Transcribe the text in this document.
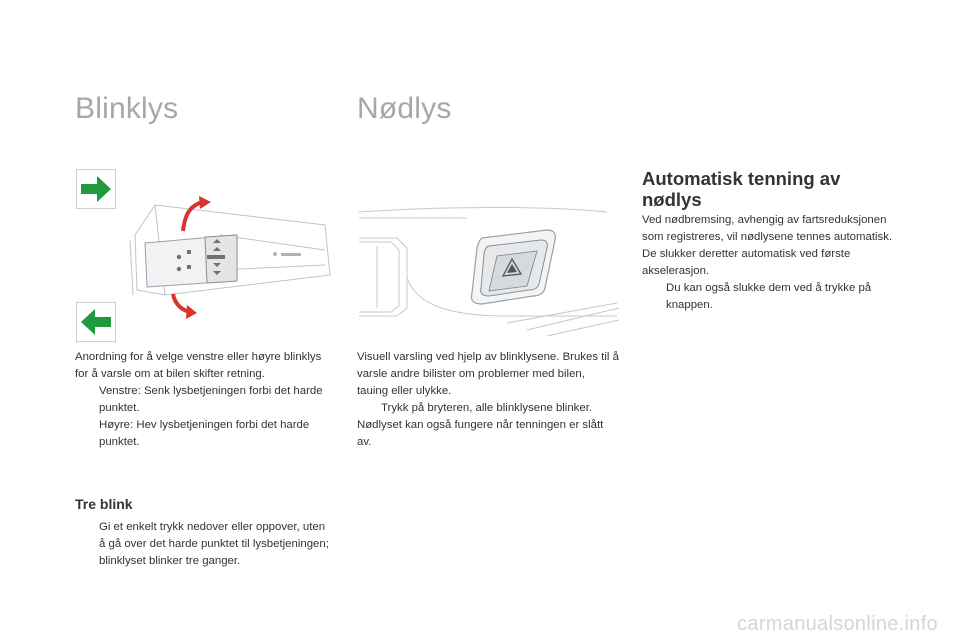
Blinklys	Nødlys
Automatisk tenning av nødlys

Anordning for å velge venstre eller høyre blinklys for å varsle om at bilen skifter retning.

Venstre: Senk lysbetjeningen forbi det harde punktet.

Høyre: Hev lysbetjeningen forbi det harde punktet.

Tre blink

Gi et enkelt trykk nedover eller oppover, uten å gå over det harde punktet til lysbetjeningen; blinklyset blinker tre ganger.

Visuell varsling ved hjelp av blinklysene. Brukes til å varsle andre bilister om problemer med bilen, tauing eller ulykke.

Trykk på bryteren, alle blinklysene blinker.

Nødlyset kan også fungere når tenningen er slått av.

Ved nødbremsing, avhengig av fartsreduksjonen som registreres, vil nødlysene tennes automatisk.

De slukker deretter automatisk ved første akselerasjon.

Du kan også slukke dem ved å trykke på knappen.

carmanualsonline.info
